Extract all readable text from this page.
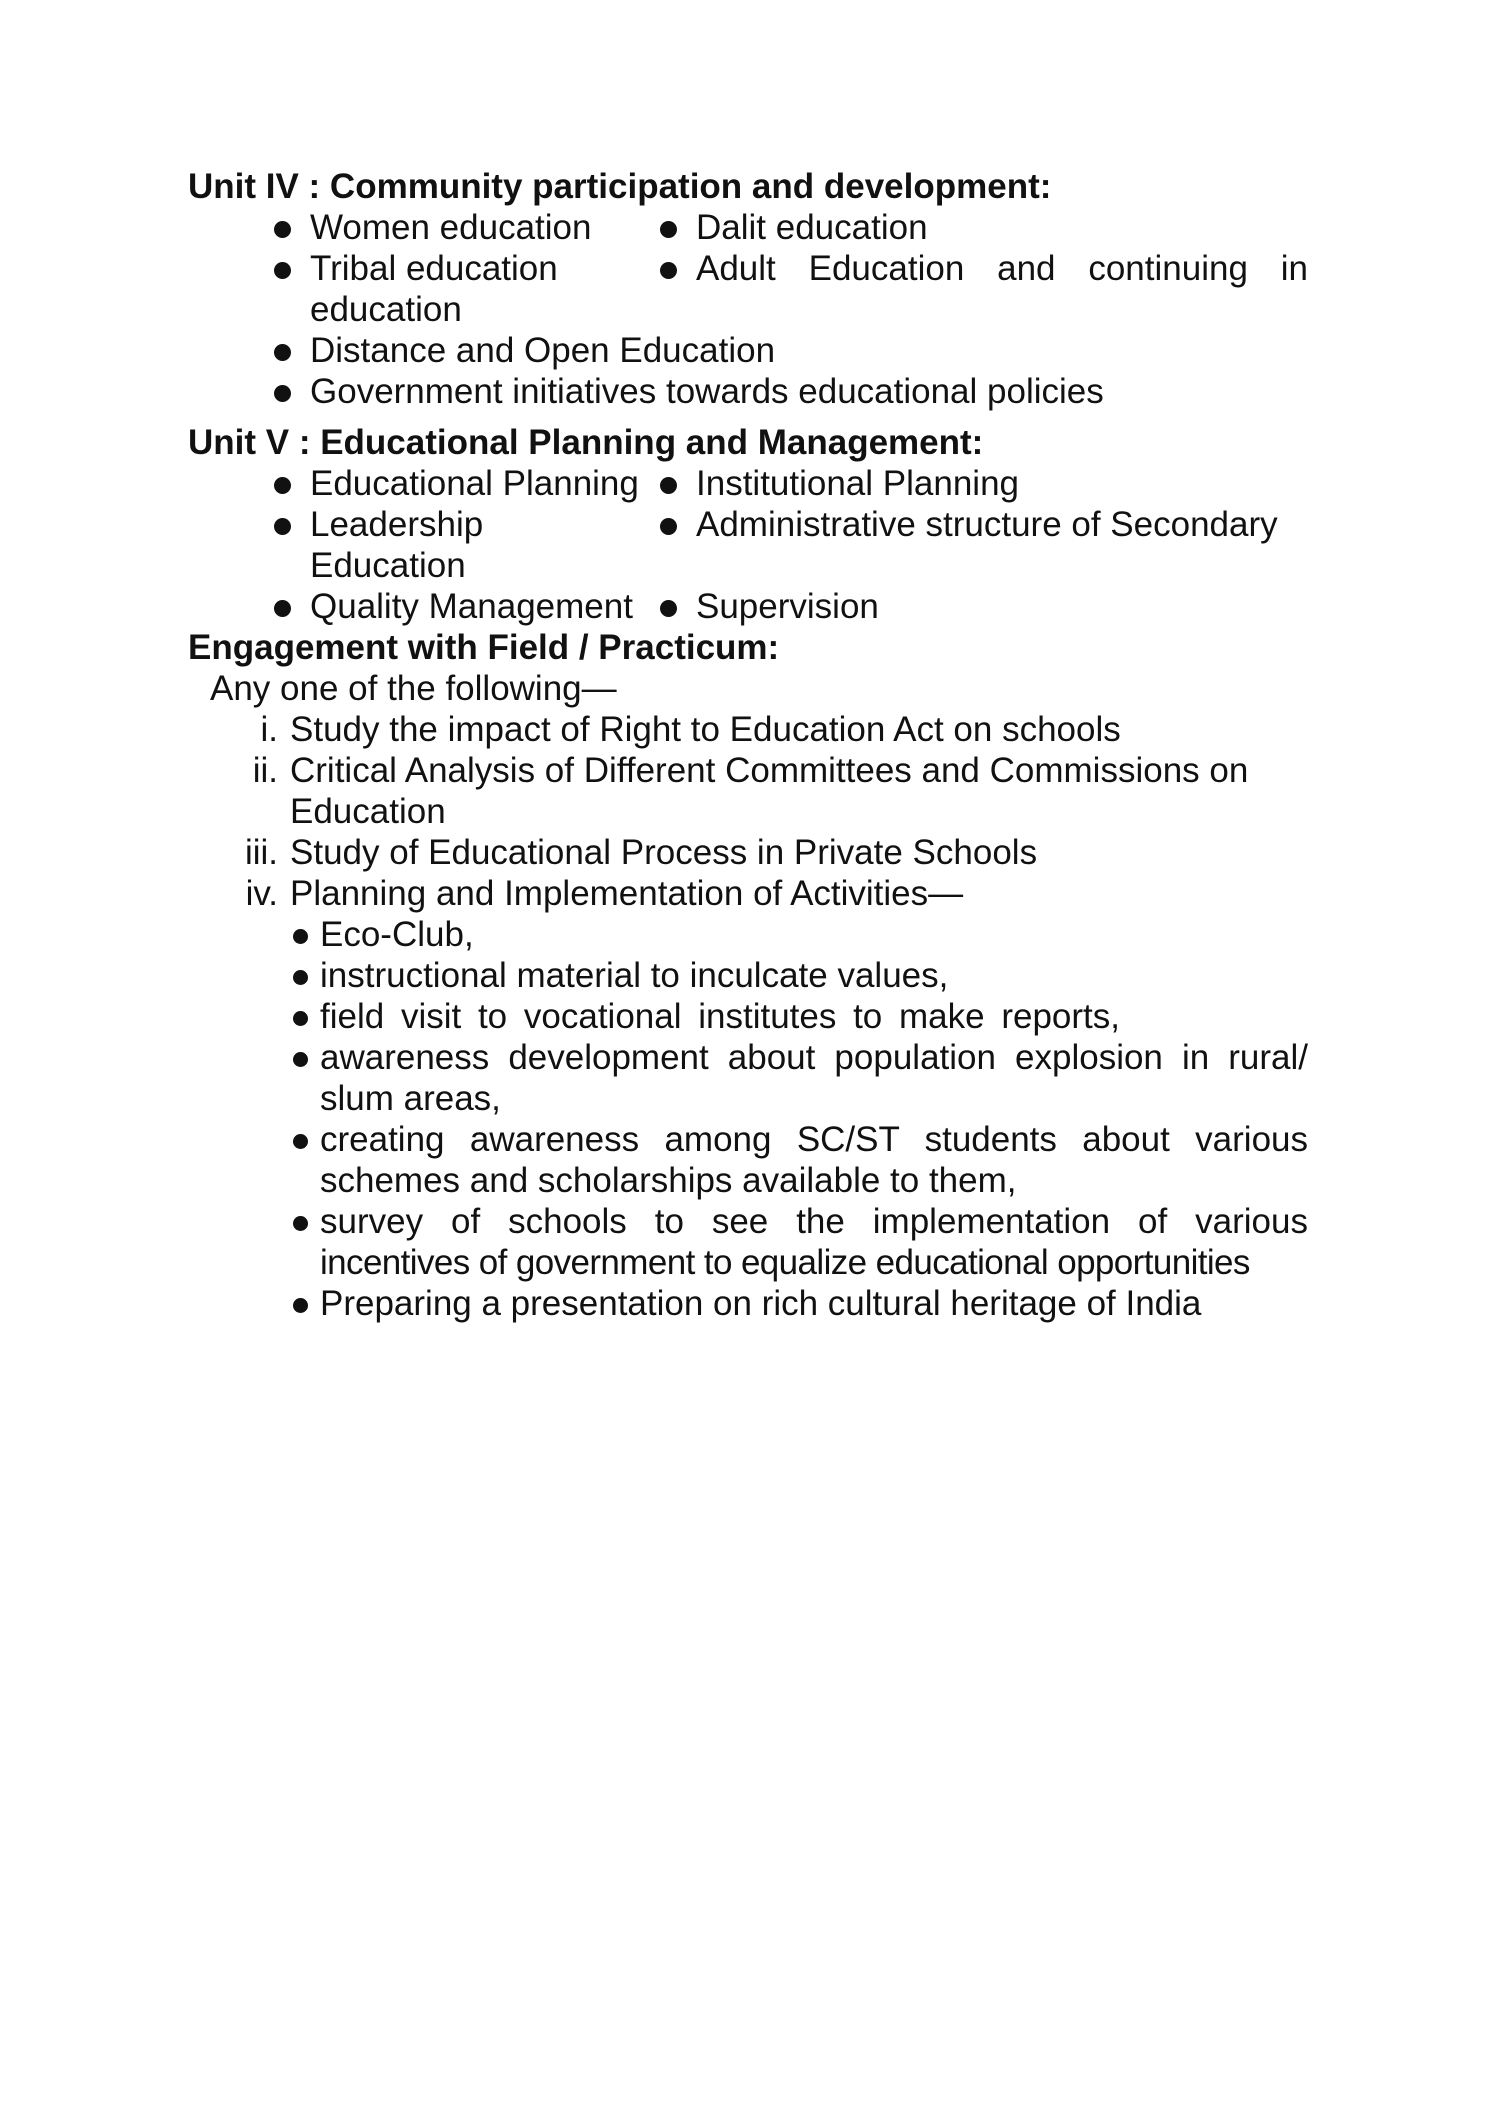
Unit IV : Community participation and development:
Women education	Dalit education
Tribal education	Adult Education and continuing in
education
Distance and Open Education
Government initiatives towards educational policies
Unit V : Educational Planning and Management:
Educational Planning Institutional Planning
Leadership	Administrative structure of Secondary
Education
Quality Management Supervision
Engagement with Field / Practicum:
Any one of the following—
i. Study the impact of Right to Education Act on schools
ii. Critical Analysis of Different Committees and Commissions on
Education
iii. Study of Educational Process in Private Schools
iv. Planning and Implementation of Activities—
Eco-Club,
instructional material to inculcate values,
field visit to vocational institutes to make reports,
awareness development about population explosion in rural/
slum areas,
creating awareness among SC/ST students about various
schemes and scholarships available to them,
survey of schools to see the implementation of various
incentives of government to equalize educational opportunities
Preparing a presentation on rich cultural heritage of India
